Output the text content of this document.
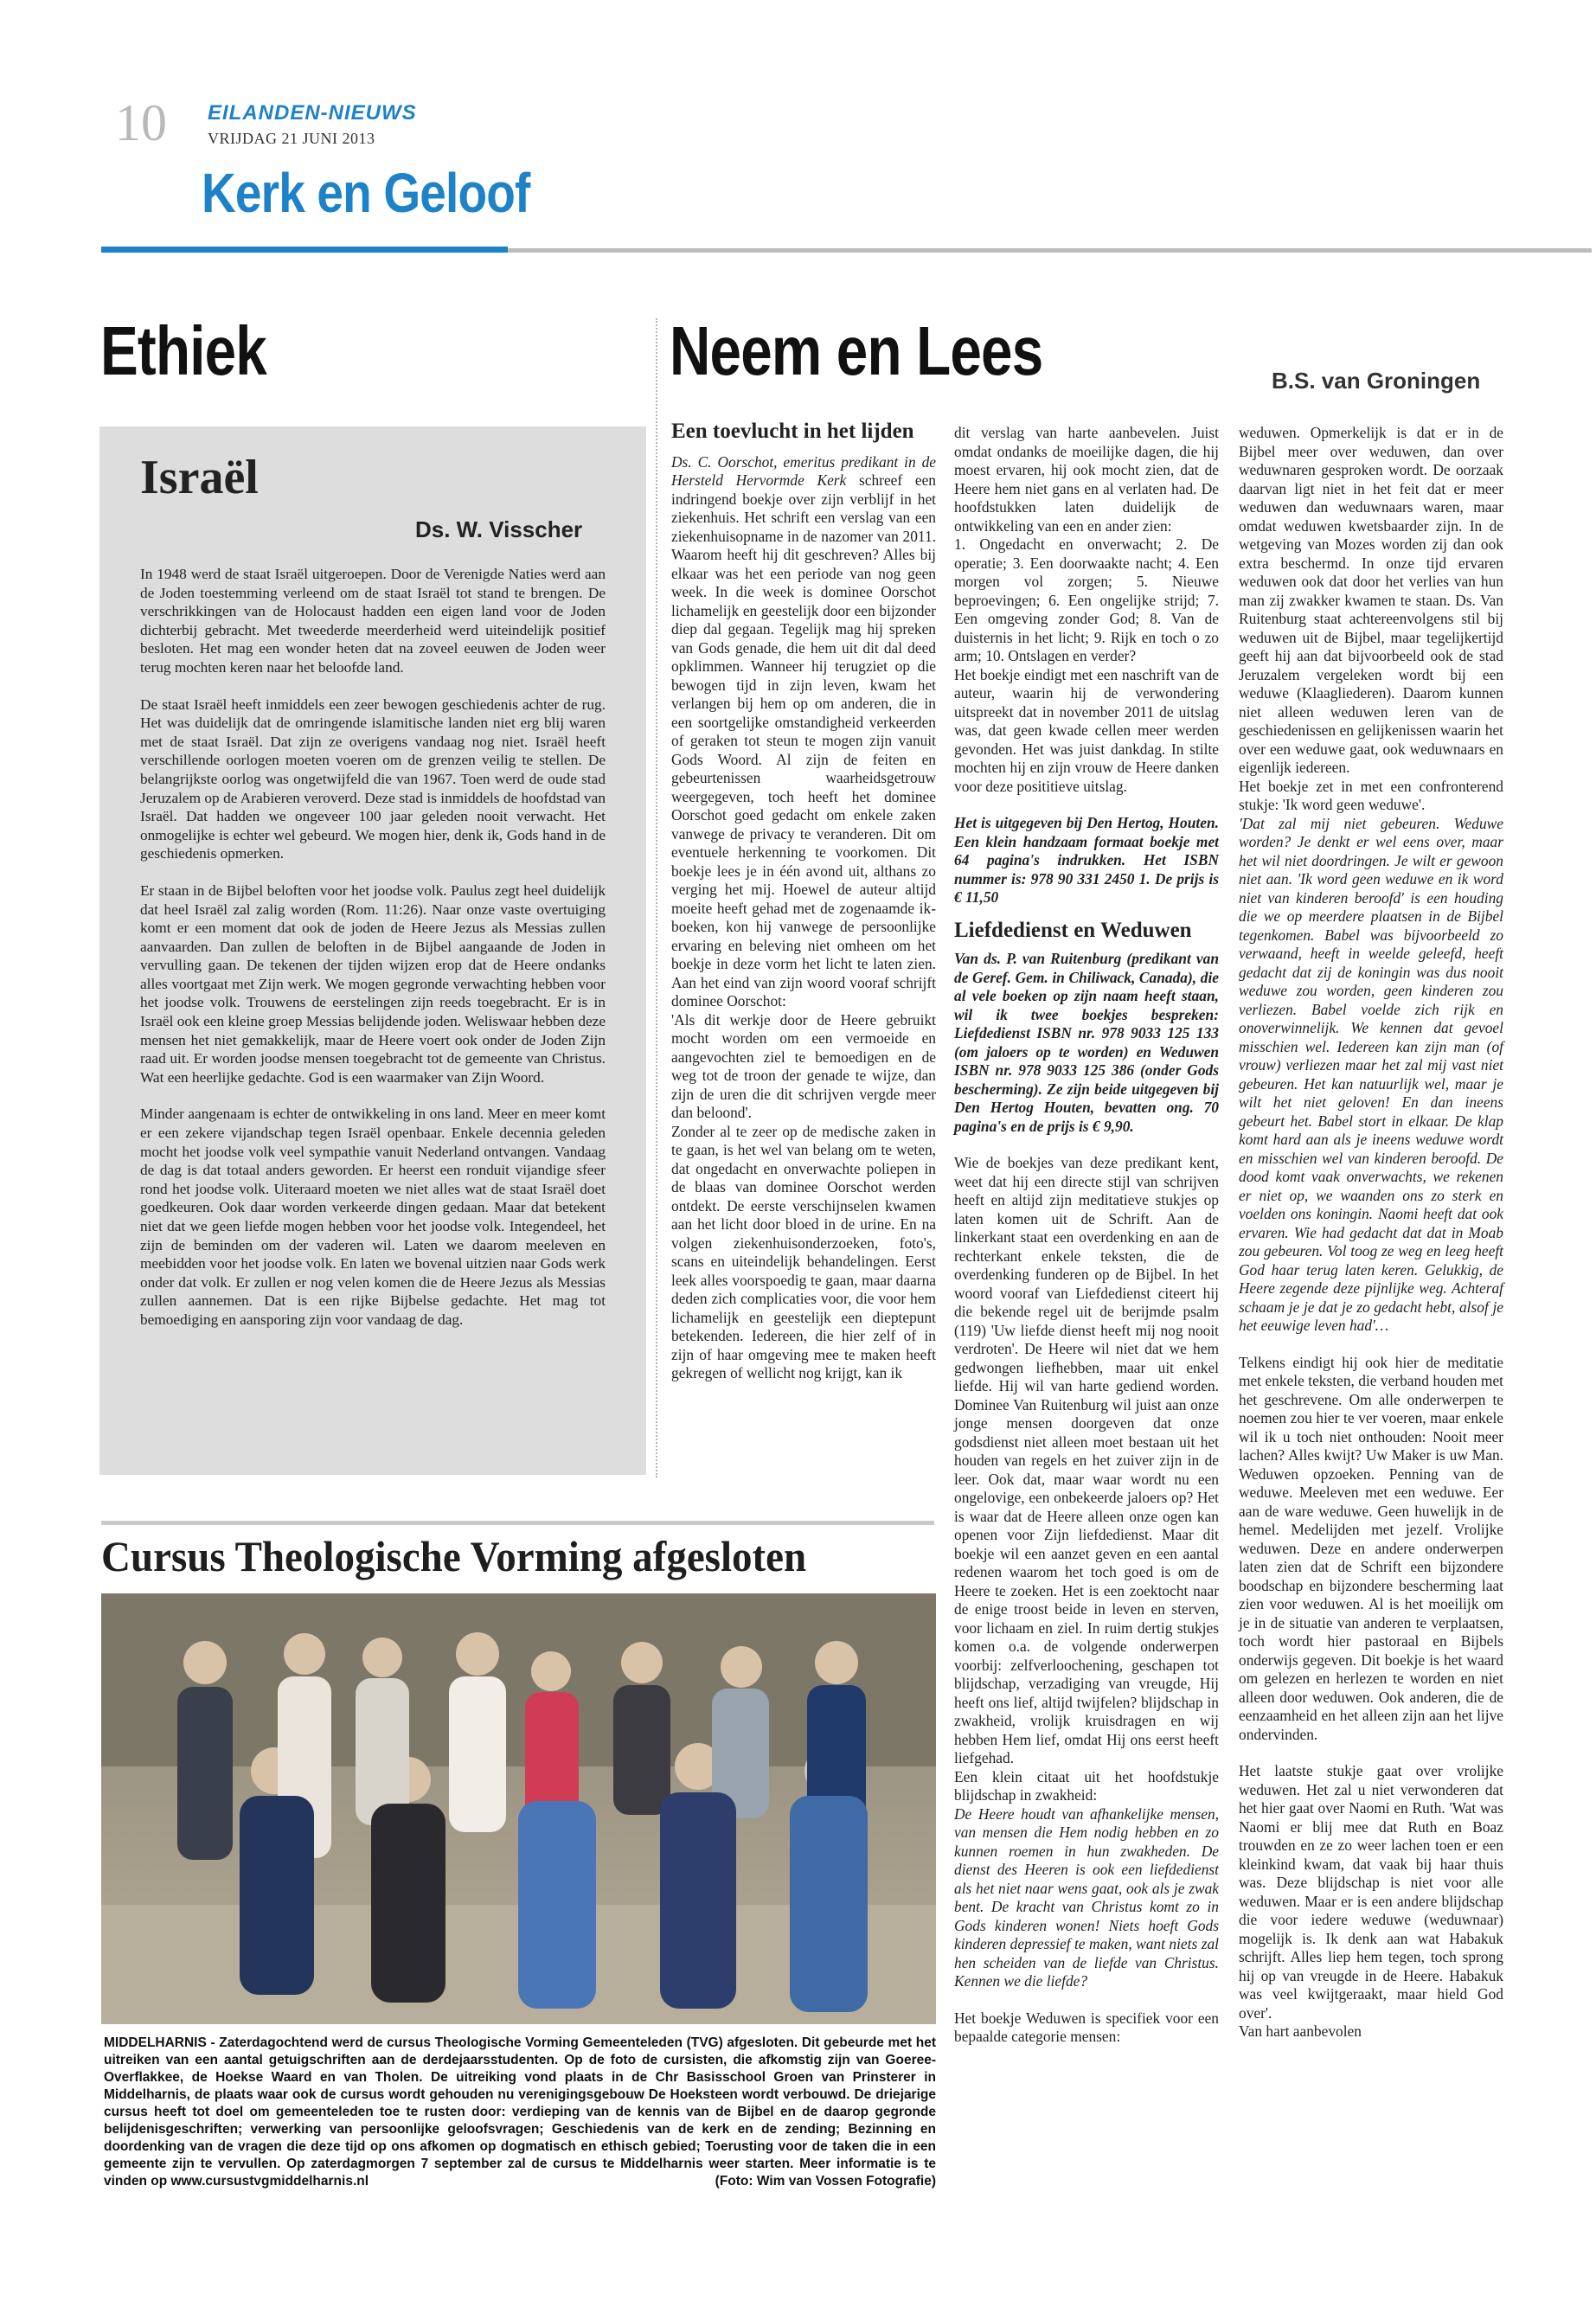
10 EILANDEN-NIEUWS
VRIJDAG 21 JUNI 2013
Kerk en Geloof
Ethiek
Israël
Ds. W. Visscher

In 1948 werd de staat Israël uitgeroepen. Door de Verenigde Naties werd aan de Joden toestemming verleend om de staat Israël tot stand te brengen. De verschrikkingen van de Holocaust hadden een eigen land voor de Joden dichterbij gebracht. Met tweederde meerderheid werd uiteindelijk positief besloten. Het mag een wonder heten dat na zoveel eeuwen de Joden weer terug mochten keren naar het beloofde land.

De staat Israël heeft inmiddels een zeer bewogen geschiedenis achter de rug. Het was duidelijk dat de omringende islamitische landen niet erg blij waren met de staat Israël. Dat zijn ze overigens vandaag nog niet. Israël heeft verschillende oorlogen moeten voeren om de grenzen veilig te stellen. De belangrijkste oorlog was ongetwijfeld die van 1967. Toen werd de oude stad Jeruzalem op de Arabieren veroverd. Deze stad is inmiddels de hoofdstad van Israël. Dat hadden we ongeveer 100 jaar geleden nooit verwacht. Het onmogelijke is echter wel gebeurd. We mogen hier, denk ik, Gods hand in de geschiedenis opmerken.

Er staan in de Bijbel beloften voor het joodse volk. Paulus zegt heel duidelijk dat heel Israël zal zalig worden (Rom. 11:26). Naar onze vaste overtuiging komt er een moment dat ook de joden de Heere Jezus als Messias zullen aanvaarden. Dan zullen de beloften in de Bijbel aangaande de Joden in vervulling gaan. De tekenen der tijden wijzen erop dat de Heere ondanks alles voortgaat met Zijn werk. We mogen gegronde verwachting hebben voor het joodse volk. Trouwens de eerstelingen zijn reeds toegebracht. Er is in Israël ook een kleine groep Messias belijdende joden. Weliswaar hebben deze mensen het niet gemakkelijk, maar de Heere voert ook onder de Joden Zijn raad uit. Er worden joodse mensen toegebracht tot de gemeente van Christus. Wat een heerlijke gedachte. God is een waarmaker van Zijn Woord.

Minder aangenaam is echter de ontwikkeling in ons land. Meer en meer komt er een zekere vijandschap tegen Israël openbaar. Enkele decennia geleden mocht het joodse volk veel sympathie vanuit Nederland ontvangen. Vandaag de dag is dat totaal anders geworden. Er heerst een ronduit vijandige sfeer rond het joodse volk. Uiteraard moeten we niet alles wat de staat Israël doet goedkeuren. Ook daar worden verkeerde dingen gedaan. Maar dat betekent niet dat we geen liefde mogen hebben voor het joodse volk. Integendeel, het zijn de beminden om der vaderen wil. Laten we daarom meeleven en meebidden voor het joodse volk. En laten we bovenal uitzien naar Gods werk onder dat volk. Er zullen er nog velen komen die de Heere Jezus als Messias zullen aannemen. Dat is een rijke Bijbelse gedachte. Het mag tot bemoediging en aansporing zijn voor vandaag de dag.

Neem en Lees	B.S. van Groningen
Een toevlucht in het lijden

Ds. C. Oorschot, emeritus predikant in de Hersteld Hervormde Kerk schreef een indringend boekje over zijn verblijf in het ziekenhuis. Het schrift een verslag van een ziekenhuisopname in de nazomer van 2011. Waarom heeft hij dit geschreven? Alles bij elkaar was het een periode van nog geen week. In die week is dominee Oorschot lichamelijk en geestelijk door een bijzonder diep dal gegaan. Tegelijk mag hij spreken van Gods genade, die hem uit dit dal deed opklimmen. Wanneer hij terugziet op die bewogen tijd in zijn leven, kwam het verlangen bij hem op om anderen, die in een soortgelijke omstandigheid verkeerden of geraken tot steun te mogen zijn vanuit Gods Woord. Al zijn de feiten en gebeurtenissen waarheidsgetrouw weergegeven, toch heeft het dominee Oorschot goed gedacht om enkele zaken vanwege de privacy te veranderen. Dit om eventuele herkenning te voorkomen. Dit boekje lees je in één avond uit, althans zo verging het mij. Hoewel de auteur altijd moeite heeft gehad met de zogenaamde ik-boeken, kon hij vanwege de persoonlijke ervaring en beleving niet omheen om het boekje in deze vorm het licht te laten zien. Aan het eind van zijn woord vooraf schrijft dominee Oorschot:

'Als dit werkje door de Heere gebruikt mocht worden om een vermoeide en aangevochten ziel te bemoedigen en de weg tot de troon der genade te wijze, dan zijn de uren die dit schrijven vergde meer dan beloond'.

Zonder al te zeer op de medische zaken in te gaan, is het wel van belang om te weten, dat ongedacht en onverwachte poliepen in de blaas van dominee Oorschot werden ontdekt. De eerste verschijnselen kwamen aan het licht door bloed in de urine. En na volgen ziekenhuisonderzoeken, foto's, scans en uiteindelijk behandelingen. Eerst leek alles voorspoedig te gaan, maar daarna deden zich complicaties voor, die voor hem lichamelijk en geestelijk een dieptepunt betekenden. Iedereen, die hier zelf of in zijn of haar omgeving mee te maken heeft gekregen of wellicht nog krijgt, kan ik

dit verslag van harte aanbevelen. Juist omdat ondanks de moeilijke dagen, die hij moest ervaren, hij ook mocht zien, dat de Heere hem niet gans en al verlaten had. De hoofdstukken laten duidelijk de ontwikkeling van een en ander zien:

1. Ongedacht en onverwacht; 2. De operatie; 3. Een doorwaakte nacht; 4. Een morgen vol zorgen; 5. Nieuwe beproevingen; 6. Een ongelijke strijd; 7. Een omgeving zonder God; 8. Van de duisternis in het licht; 9. Rijk en toch o zo arm; 10. Ontslagen en verder?

Het boekje eindigt met een naschrift van de auteur, waarin hij de verwondering uitspreekt dat in november 2011 de uitslag was, dat geen kwade cellen meer werden gevonden. Het was juist dankdag. In stilte mochten hij en zijn vrouw de Heere danken voor deze posititieve uitslag.

Het is uitgegeven bij Den Hertog, Houten. Een klein handzaam formaat boekje met 64 pagina's indrukken. Het ISBN nummer is: 978 90 331 2450 1. De prijs is € 11,50

Liefdedienst en Weduwen

Van ds. P. van Ruitenburg (predikant van de Geref. Gem. in Chiliwack, Canada), die al vele boeken op zijn naam heeft staan, wil ik twee boekjes bespreken: Liefdedienst ISBN nr. 978 9033 125 133 (om jaloers op te worden) en Weduwen ISBN nr. 978 9033 125 386 (onder Gods bescherming). Ze zijn beide uitgegeven bij Den Hertog Houten, bevatten ong. 70 pagina's en de prijs is € 9,90.

Wie de boekjes van deze predikant kent, weet dat hij een directe stijl van schrijven heeft en altijd zijn meditatieve stukjes op laten komen uit de Schrift. Aan de linkerkant staat een overdenking en aan de rechterkant enkele teksten, die de overdenking funderen op de Bijbel. In het woord vooraf van Liefdedienst citeert hij die bekende regel uit de berijmde psalm (119) 'Uw liefde dienst heeft mij nog nooit verdroten'. De Heere wil niet dat we hem gedwongen liefhebben, maar uit enkel liefde. Hij wil van harte gediend worden. Dominee Van Ruitenburg wil juist aan onze jonge mensen doorgeven dat onze godsdienst niet alleen moet bestaan uit het houden van regels en het zuiver zijn in de leer. Ook dat, maar waar wordt nu een ongelovige, een onbekeerde jaloers op? Het is waar dat de Heere alleen onze ogen kan openen voor Zijn liefdedienst. Maar dit boekje wil een aanzet geven en een aantal redenen waarom het toch goed is om de Heere te zoeken. Het is een zoektocht naar de enige troost beide in leven en sterven, voor lichaam en ziel. In ruim dertig stukjes komen o.a. de volgende onderwerpen voorbij: zelfverloochening, geschapen tot blijdschap, verzadiging van vreugde, Hij heeft ons lief, altijd twijfelen? blijdschap in zwakheid, vrolijk kruisdragen en wij hebben Hem lief, omdat Hij ons eerst heeft liefgehad.

Een klein citaat uit het hoofdstukje blijdschap in zwakheid:

De Heere houdt van afhankelijke mensen, van mensen die Hem nodig hebben en zo kunnen roemen in hun zwakheden. De dienst des Heeren is ook een liefdedienst als het niet naar wens gaat, ook als je zwak bent. De kracht van Christus komt zo in Gods kinderen wonen! Niets hoeft Gods kinderen depressief te maken, want niets zal hen scheiden van de liefde van Christus. Kennen we die liefde?

Het boekje Weduwen is specifiek voor een bepaalde categorie mensen:

weduwen. Opmerkelijk is dat er in de Bijbel meer over weduwen, dan over weduwnaren gesproken wordt. De oorzaak daarvan ligt niet in het feit dat er meer weduwen dan weduwnaars waren, maar omdat weduwen kwetsbaarder zijn. In de wetgeving van Mozes worden zij dan ook extra beschermd. In onze tijd ervaren weduwen ook dat door het verlies van hun man zij zwakker kwamen te staan. Ds. Van Ruitenburg staat achtereenvolgens stil bij weduwen uit de Bijbel, maar tegelijkertijd geeft hij aan dat bijvoorbeeld ook de stad Jeruzalem vergeleken wordt bij een weduwe (Klaagliederen). Daarom kunnen niet alleen weduwen leren van de geschiedenissen en gelijkenissen waarin het over een weduwe gaat, ook weduwnaars en eigenlijk iedereen.

Het boekje zet in met een confronterend stukje: 'Ik word geen weduwe'.

'Dat zal mij niet gebeuren. Weduwe worden? Je denkt er wel eens over, maar het wil niet doordringen. Je wilt er gewoon niet aan. 'Ik word geen weduwe en ik word niet van kinderen beroofd' is een houding die we op meerdere plaatsen in de Bijbel tegenkomen. Babel was bijvoorbeeld zo verwaand, heeft in weelde geleefd, heeft gedacht dat zij de koningin was dus nooit weduwe zou worden, geen kinderen zou verliezen. Babel voelde zich rijk en onoverwinnelijk. We kennen dat gevoel misschien wel. Iedereen kan zijn man (of vrouw) verliezen maar het zal mij vast niet gebeuren. Het kan natuurlijk wel, maar je wilt het niet geloven! En dan ineens gebeurt het. Babel stort in elkaar. De klap komt hard aan als je ineens weduwe wordt en misschien wel van kinderen beroofd. De dood komt vaak onverwachts, we rekenen er niet op, we waanden ons zo sterk en voelden ons koningin. Naomi heeft dat ook ervaren. Wie had gedacht dat dat in Moab zou gebeuren. Vol toog ze weg en leeg heeft God haar terug laten keren. Gelukkig, de Heere zegende deze pijnlijke weg. Achteraf schaam je je dat je zo gedacht hebt, alsof je het eeuwige leven had'…

Telkens eindigt hij ook hier de meditatie met enkele teksten, die verband houden met het geschrevene. Om alle onderwerpen te noemen zou hier te ver voeren, maar enkele wil ik u toch niet onthouden: Nooit meer lachen? Alles kwijt? Uw Maker is uw Man. Weduwen opzoeken. Penning van de weduwe. Meeleven met een weduwe. Eer aan de ware weduwe. Geen huwelijk in de hemel. Medelijden met jezelf. Vrolijke weduwen. Deze en andere onderwerpen laten zien dat de Schrift een bijzondere boodschap en bijzondere bescherming laat zien voor weduwen. Al is het moeilijk om je in de situatie van anderen te verplaatsen, toch wordt hier pastoraal en Bijbels onderwijs gegeven. Dit boekje is het waard om gelezen en herlezen te worden en niet alleen door weduwen. Ook anderen, die de eenzaamheid en het alleen zijn aan het lijve ondervinden.

Het laatste stukje gaat over vrolijke weduwen. Het zal u niet verwonderen dat het hier gaat over Naomi en Ruth. 'Wat was Naomi er blij mee dat Ruth en Boaz trouwden en ze zo weer lachen toen er een kleinkind kwam, dat vaak bij haar thuis was. Deze blijdschap is niet voor alle weduwen. Maar er is een andere blijdschap die voor iedere weduwe (weduwnaar) mogelijk is. Ik denk aan wat Habakuk schrijft. Alles liep hem tegen, toch sprong hij op van vreugde in de Heere. Habakuk was veel kwijtgeraakt, maar hield God over'.

Van hart aanbevolen

Cursus Theologische Vorming afgesloten
MIDDELHARNIS - Zaterdagochtend werd de cursus Theologische Vorming Gemeenteleden (TVG) afgesloten. Dit gebeurde met het uitreiken van een aantal getuigschriften aan de derdejaarsstudenten. Op de foto de cursisten, die afkomstig zijn van Goeree-Overflakkee, de Hoekse Waard en van Tholen. De uitreiking vond plaats in de Chr Basisschool Groen van Prinsterer in Middelharnis, de plaats waar ook de cursus wordt gehouden nu verenigingsgebouw De Hoeksteen wordt verbouwd. De driejarige cursus heeft tot doel om gemeenteleden toe te rusten door: verdieping van de kennis van de Bijbel en de daarop gegronde belijdenisgeschriften; verwerking van persoonlijke geloofsvragen; Geschiedenis van de kerk en de zending; Bezinning en doordenking van de vragen die deze tijd op ons afkomen op dogmatisch en ethisch gebied; Toerusting voor de taken die in een gemeente zijn te vervullen. Op zaterdagmorgen 7 september zal de cursus te Middelharnis weer starten. Meer informatie is te vinden op www.cursustvgmiddelharnis.nl	(Foto: Wim van Vossen Fotografie)
